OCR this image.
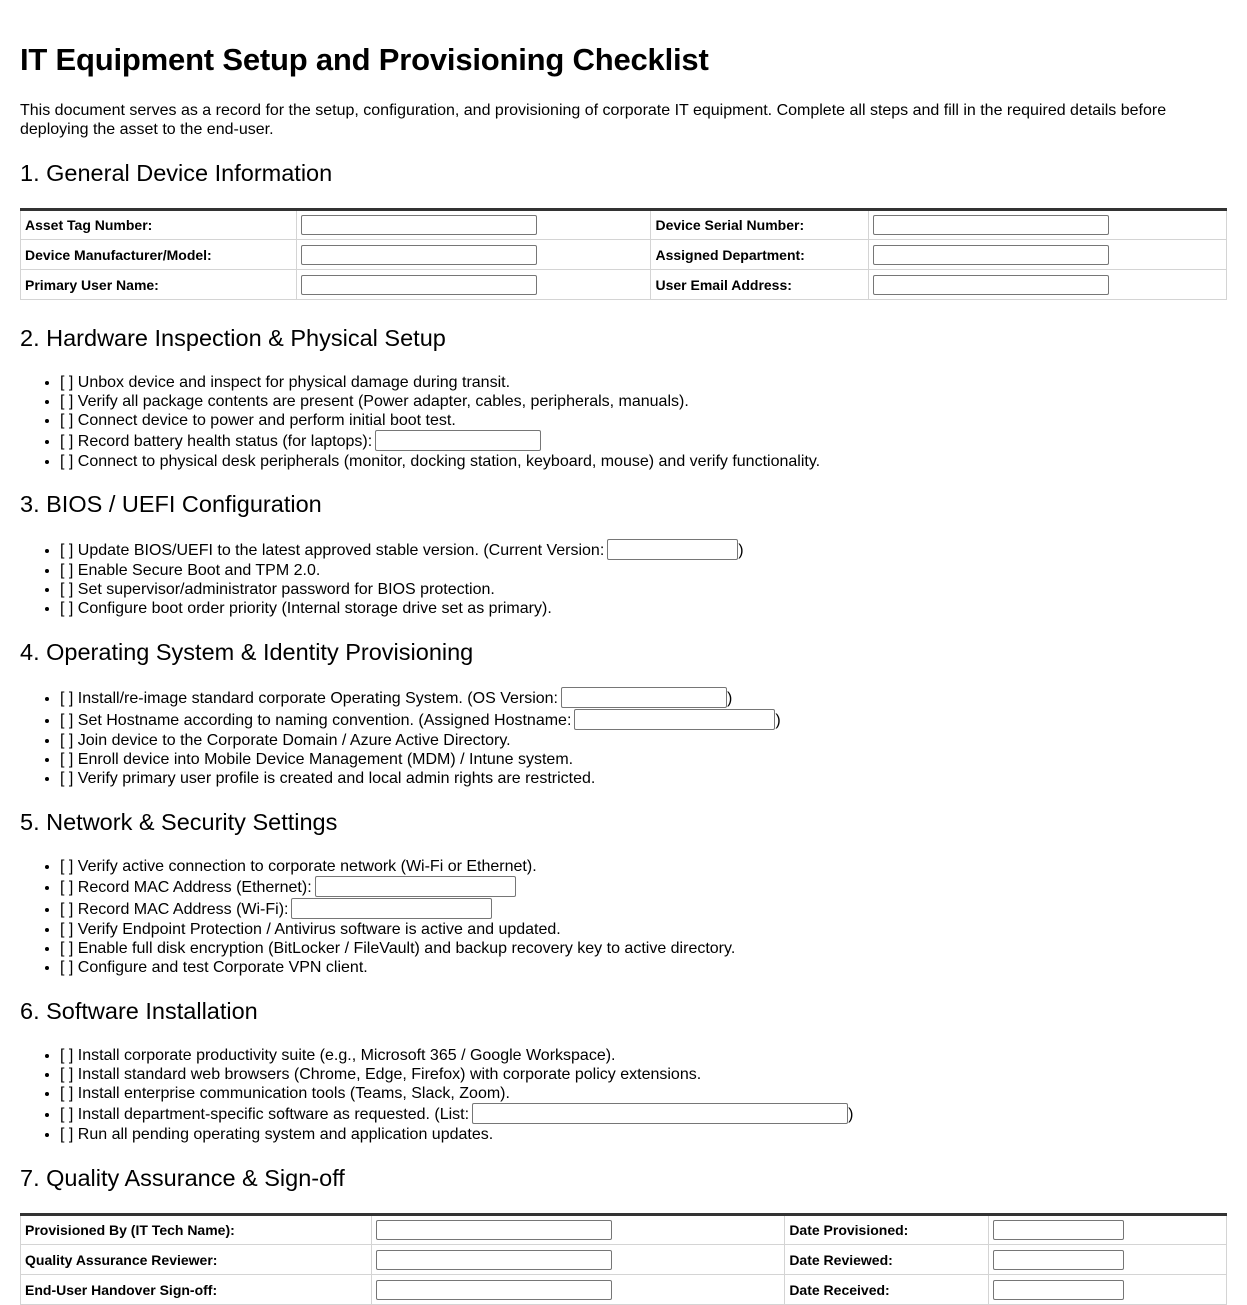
IT Equipment Setup and Provisioning Checklist
This document serves as a record for the setup, configuration, and provisioning of corporate IT equipment. Complete all steps and fill in the required details before deploying the asset to the end-user.
1. General Device Information
Asset Tag Number:		Device Serial Number:	
Device Manufacturer/Model:		Assigned Department:	
Primary User Name:		User Email Address:	
2. Hardware Inspection & Physical Setup
• [ ] Unbox device and inspect for physical damage during transit.
• [ ] Verify all package contents are present (Power adapter, cables, peripherals, manuals).
• [ ] Connect device to power and perform initial boot test.
• [ ] Record battery health status (for laptops):
• [ ] Connect to physical desk peripherals (monitor, docking station, keyboard, mouse) and verify functionality.
3. BIOS / UEFI Configuration
• [ ] Update BIOS/UEFI to the latest approved stable version. (Current Version:	)
• [ ] Enable Secure Boot and TPM 2.0.
• [ ] Set supervisor/administrator password for BIOS protection.
• [ ] Configure boot order priority (Internal storage drive set as primary).
4. Operating System & Identity Provisioning
• [ ] Install/re-image standard corporate Operating System. (OS Version:	)
• [ ] Set Hostname according to naming convention. (Assigned Hostname:	)
• [ ] Join device to the Corporate Domain / Azure Active Directory.
• [ ] Enroll device into Mobile Device Management (MDM) / Intune system.
• [ ] Verify primary user profile is created and local admin rights are restricted.
5. Network & Security Settings
• [ ] Verify active connection to corporate network (Wi-Fi or Ethernet).
• [ ] Record MAC Address (Ethernet):
• [ ] Record MAC Address (Wi-Fi):
• [ ] Verify Endpoint Protection / Antivirus software is active and updated.
• [ ] Enable full disk encryption (BitLocker / FileVault) and backup recovery key to active directory.
• [ ] Configure and test Corporate VPN client.
6. Software Installation
• [ ] Install corporate productivity suite (e.g., Microsoft 365 / Google Workspace).
• [ ] Install standard web browsers (Chrome, Edge, Firefox) with corporate policy extensions.
• [ ] Install enterprise communication tools (Teams, Slack, Zoom).
• [ ] Install department-specific software as requested. (List:	)
• [ ] Run all pending operating system and application updates.
7. Quality Assurance & Sign-off
Provisioned By (IT Tech Name):		Date Provisioned:	
Quality Assurance Reviewer:		Date Reviewed:	
End-User Handover Sign-off:		Date Received:	
